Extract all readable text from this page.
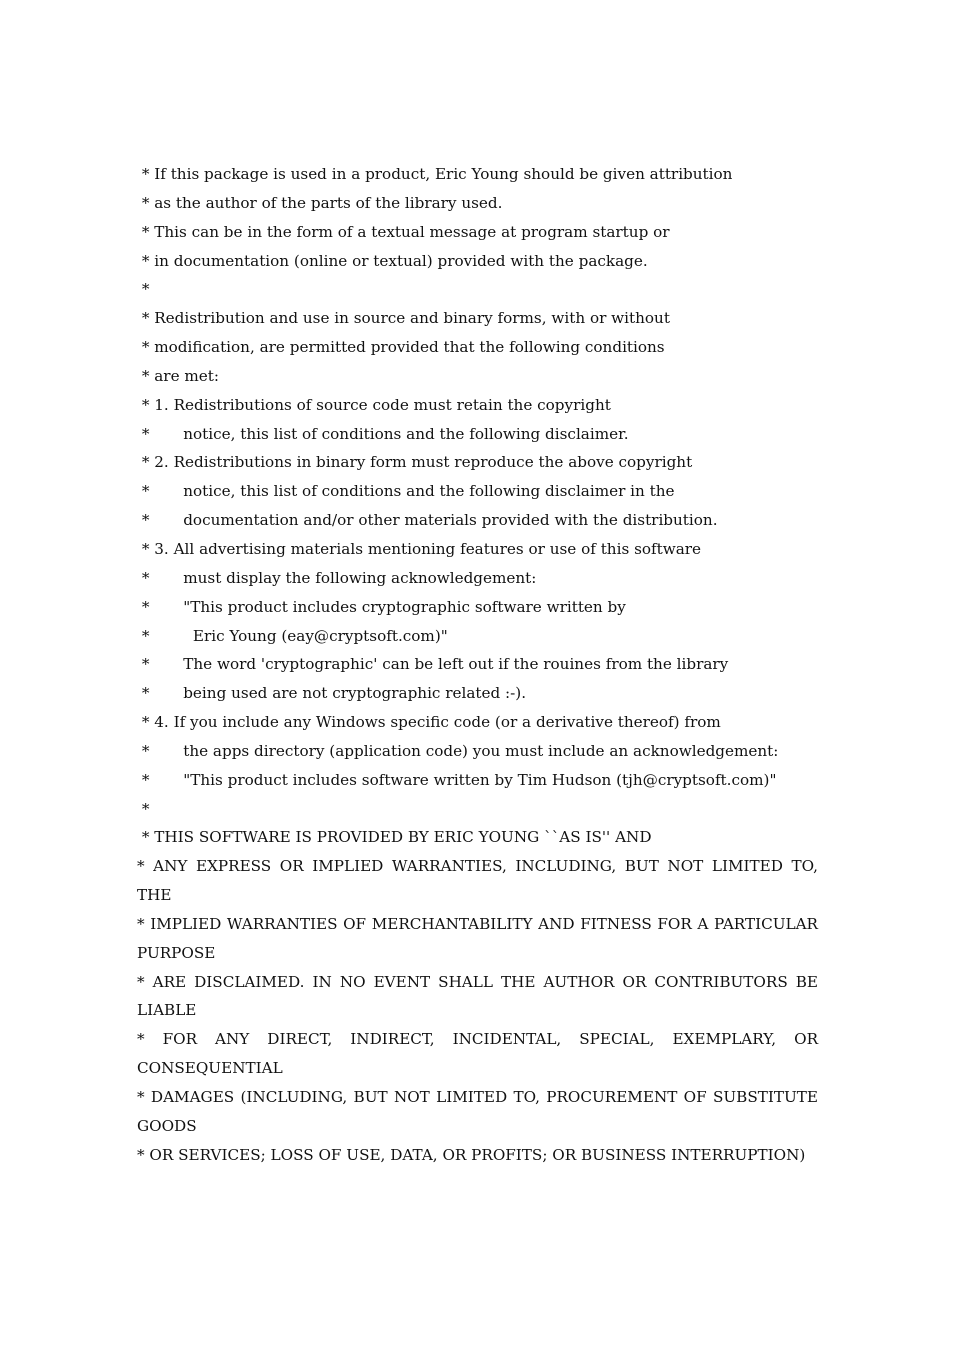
* If this package is used in a product, Eric Young should be given attribution
* as the author of the parts of the library used.
* This can be in the form of a textual message at program startup or
* in documentation (online or textual) provided with the package.
*
* Redistribution and use in source and binary forms, with or without
* modification, are permitted provided that the following conditions
* are met:
* 1. Redistributions of source code must retain the copyright
*       notice, this list of conditions and the following disclaimer.
* 2. Redistributions in binary form must reproduce the above copyright
*       notice, this list of conditions and the following disclaimer in the
*       documentation and/or other materials provided with the distribution.
* 3. All advertising materials mentioning features or use of this software
*       must display the following acknowledgement:
*       "This product includes cryptographic software written by
*         Eric Young (eay@cryptsoft.com)"
*       The word 'cryptographic' can be left out if the rouines from the library
*       being used are not cryptographic related :-).
* 4. If you include any Windows specific code (or a derivative thereof) from
*       the apps directory (application code) you must include an acknowledgement:
*       "This product includes software written by Tim Hudson (tjh@cryptsoft.com)"
*
* THIS SOFTWARE IS PROVIDED BY ERIC YOUNG ``AS IS'' AND
* ANY EXPRESS OR IMPLIED WARRANTIES, INCLUDING, BUT NOT LIMITED TO, THE
* IMPLIED WARRANTIES OF MERCHANTABILITY AND FITNESS FOR A PARTICULAR PURPOSE
* ARE DISCLAIMED. IN NO EVENT SHALL THE AUTHOR OR CONTRIBUTORS BE LIABLE
* FOR ANY DIRECT, INDIRECT, INCIDENTAL, SPECIAL, EXEMPLARY, OR CONSEQUENTIAL
* DAMAGES (INCLUDING, BUT NOT LIMITED TO, PROCUREMENT OF SUBSTITUTE GOODS
* OR SERVICES; LOSS OF USE, DATA, OR PROFITS; OR BUSINESS INTERRUPTION)
